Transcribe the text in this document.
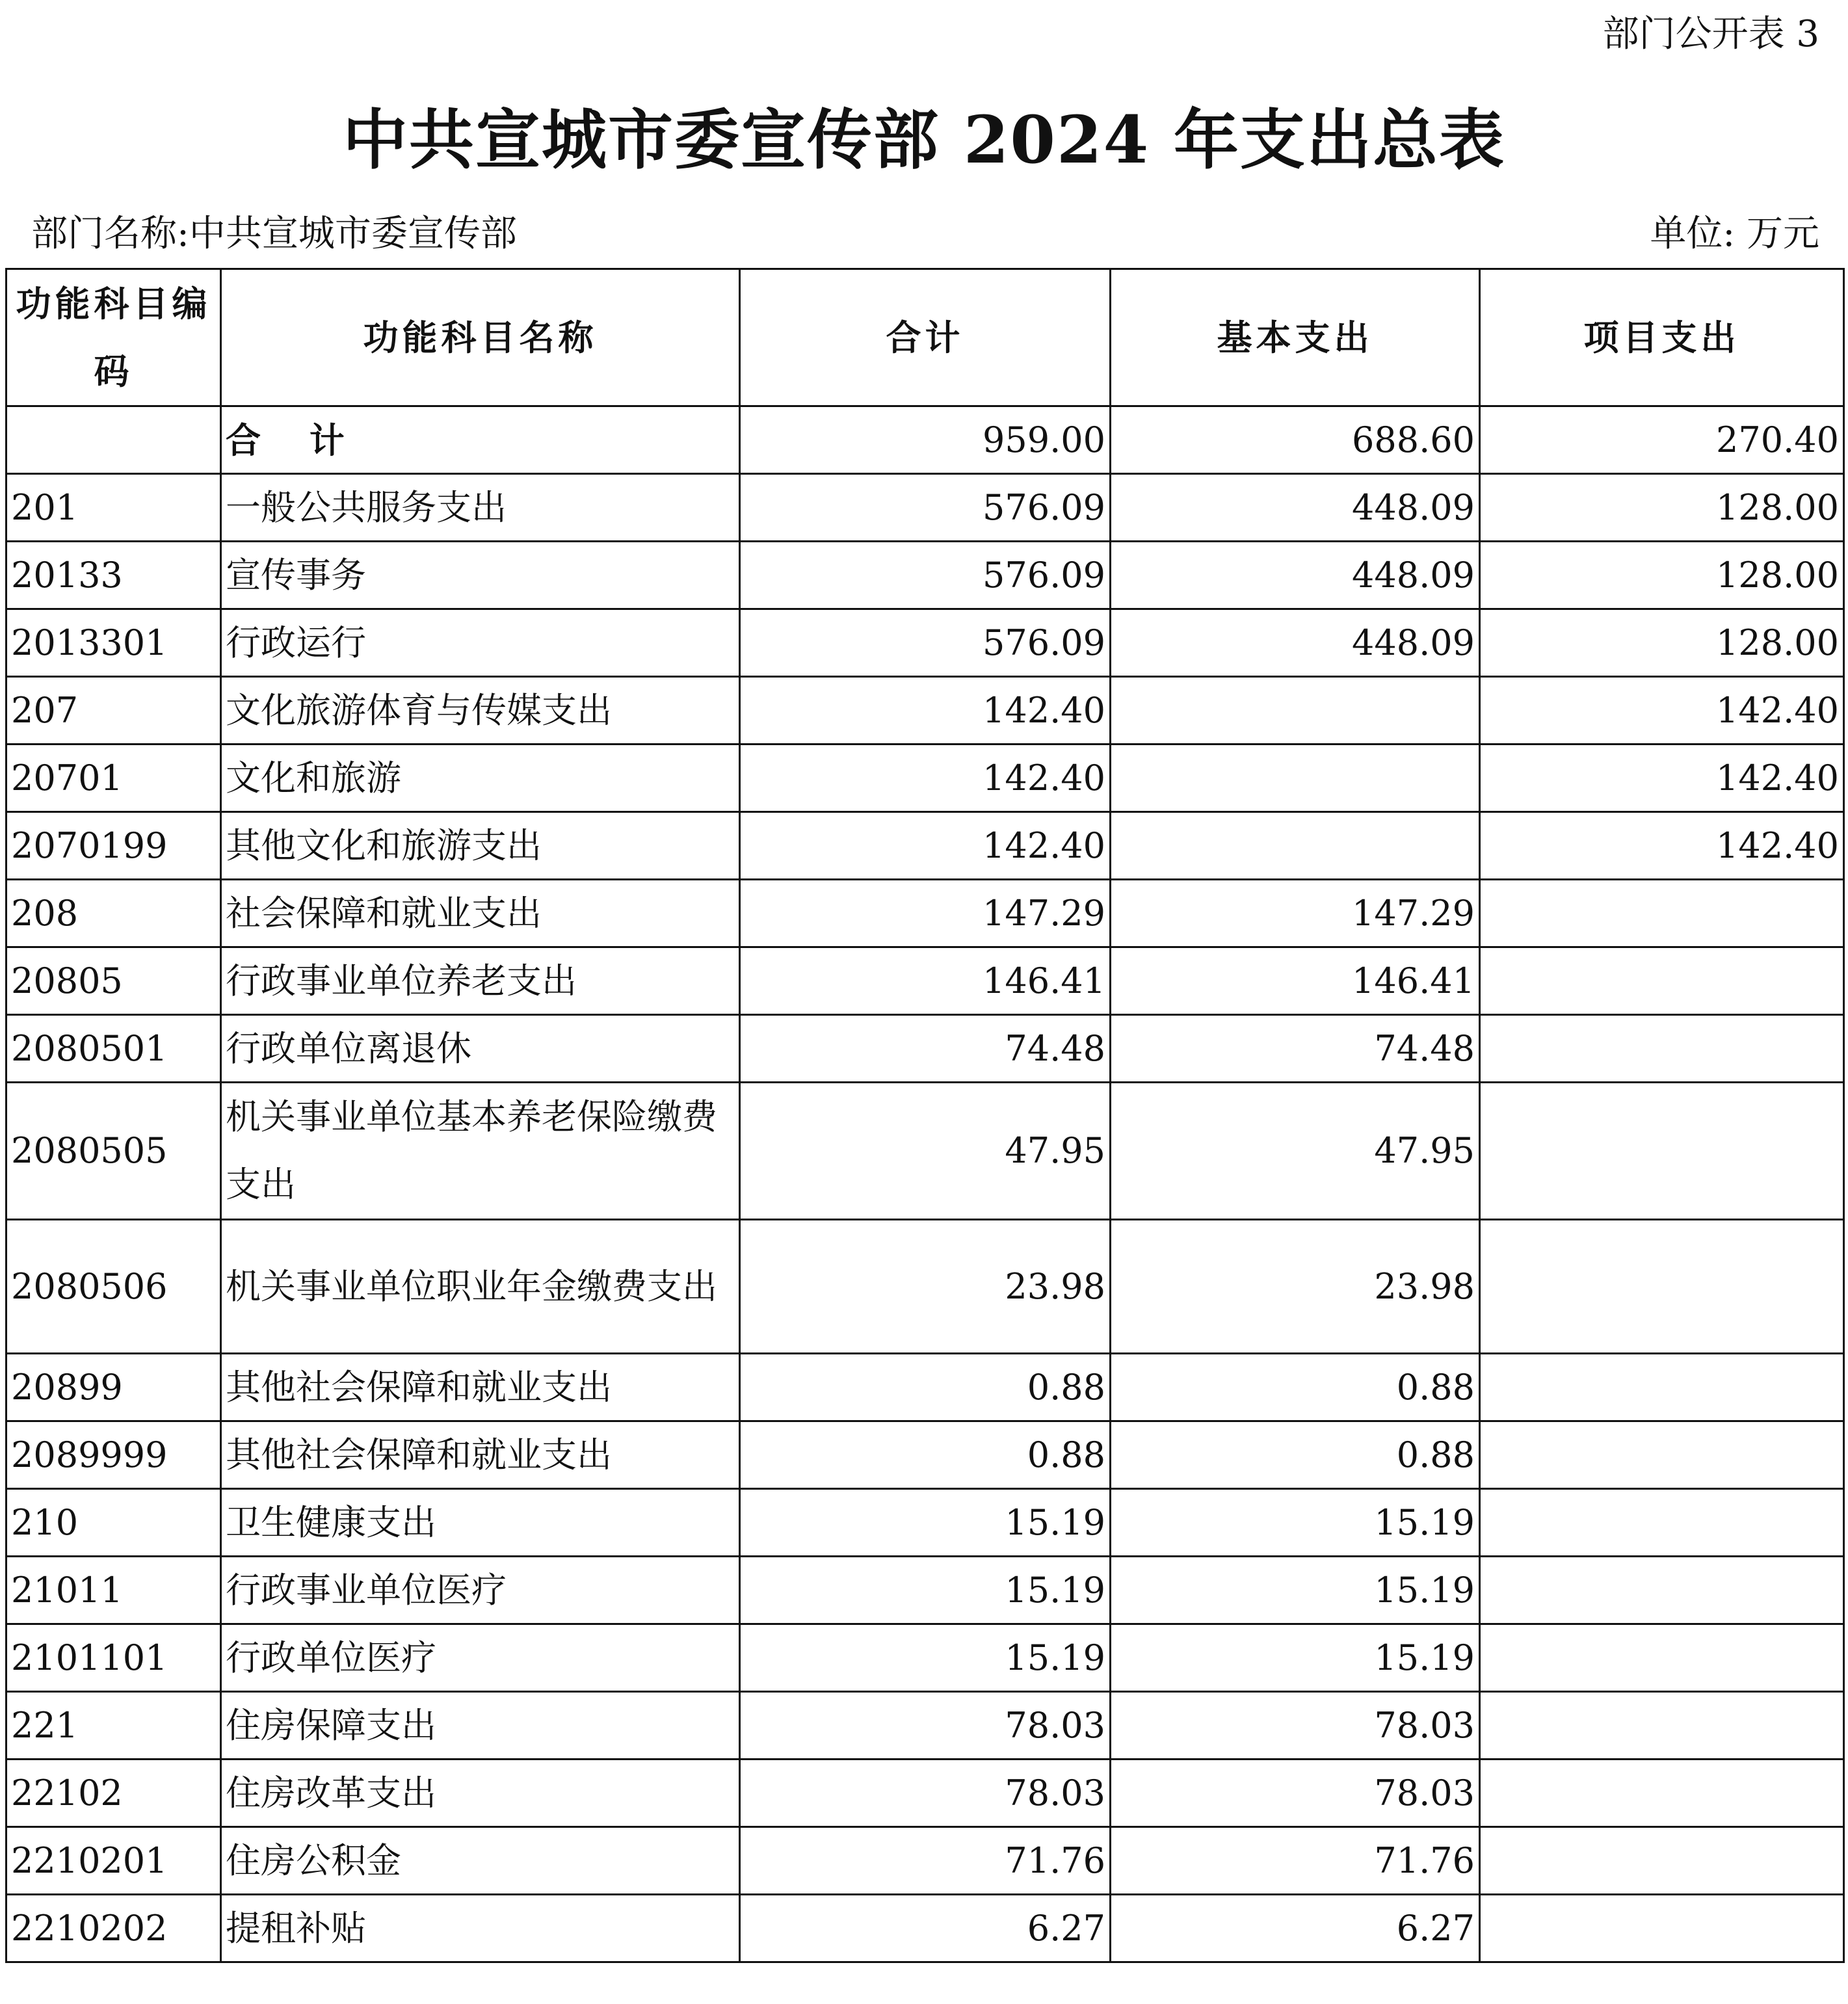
部门公开表 3
中共宣城市委宣传部 2024 年支出总表
部门名称:中共宣城市委宣传部	单位: 万元
功能科目编码	功能科目名称	合计	基本支出	项目支出
	合 计	959.00	688.60	270.40
201	一般公共服务支出	576.09	448.09	128.00
20133	宣传事务	576.09	448.09	128.00
2013301	行政运行	576.09	448.09	128.00
207	文化旅游体育与传媒支出	142.40		142.40
20701	文化和旅游	142.40		142.40
2070199	其他文化和旅游支出	142.40		142.40
208	社会保障和就业支出	147.29	147.29	
20805	行政事业单位养老支出	146.41	146.41	
2080501	行政单位离退休	74.48	74.48	
2080505	机关事业单位基本养老保险缴费支出	47.95	47.95	
2080506	机关事业单位职业年金缴费支出	23.98	23.98	
20899	其他社会保障和就业支出	0.88	0.88	
2089999	其他社会保障和就业支出	0.88	0.88	
210	卫生健康支出	15.19	15.19	
21011	行政事业单位医疗	15.19	15.19	
2101101	行政单位医疗	15.19	15.19	
221	住房保障支出	78.03	78.03	
22102	住房改革支出	78.03	78.03	
2210201	住房公积金	71.76	71.76	
2210202	提租补贴	6.27	6.27	
